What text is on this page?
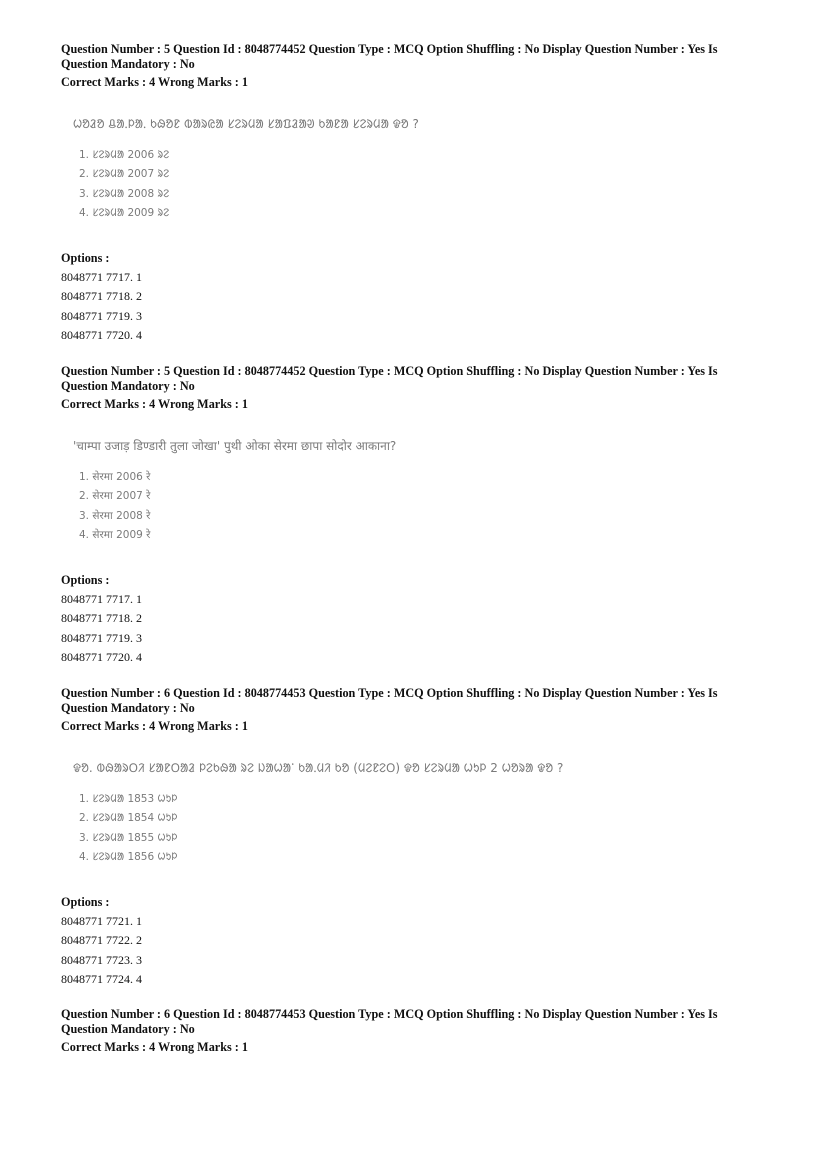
Question Number : 5 Question Id : 8048774452 Question Type : MCQ Option Shuffling : No Display Question Number : Yes Is Question Mandatory : No
Correct Marks : 4 Wrong Marks : 1
ᱦᱚᱲᱚ ᱪᱟᱹᱞᱟᱹ ᱠᱷᱚᱱ ᱵᱟᱨᱭᱟ ᱥᱮᱨᱢᱟ ᱥᱟᱯᱲᱟᱣ ᱠᱟᱱᱟ ᱥᱮᱨᱢᱟ ᱫᱚ ?
1. ᱥᱮᱨᱢᱟ 2006 ᱨᱮ
2. ᱥᱮᱨᱢᱟ 2007 ᱨᱮ
3. ᱥᱮᱨᱢᱟ 2008 ᱨᱮ
4. ᱥᱮᱨᱢᱟ 2009 ᱨᱮ
Options :
8048771 7717. 1
8048771 7718. 2
8048771 7719. 3
8048771 7720. 4
Question Number : 5 Question Id : 8048774452 Question Type : MCQ Option Shuffling : No Display Question Number : Yes Is Question Mandatory : No
Correct Marks : 4 Wrong Marks : 1
'चाम्पा उजाड़ डिण्डारी तुला जोखा' पुथी ओका सेरमा छापा सोदोर आकाना?
1. सेरमा 2006 रे
2. सेरमा 2007 रे
3. सेरमा 2008 रे
4. सेरमा 2009 रे
Options :
8048771 7717. 1
8048771 7718. 2
8048771 7719. 3
8048771 7720. 4
Question Number : 6 Question Id : 8048774453 Question Type : MCQ Option Shuffling : No Display Question Number : Yes Is Question Mandatory : No
Correct Marks : 4 Wrong Marks : 1
ᱫᱚ. ᱵᱷᱟᱨᱛᱤ ᱥᱟᱱᱛᱟᱲ ᱞᱮᱠᱷᱟ ᱨᱮ ᱡᱟᱦᱟᱸ ᱠᱟᱹᱢᱤ ᱠᱚ (ᱢᱮᱱᱮᱛ) ᱫᱚ ᱥᱮᱨᱢᱟ ᱦᱩᱞ 2 ᱦᱚᱨᱟ ᱫᱚ ?
1. ᱥᱮᱨᱢᱟ 1853 ᱦᱩᱞ
2. ᱥᱮᱨᱢᱟ 1854 ᱦᱩᱞ
3. ᱥᱮᱨᱢᱟ 1855 ᱦᱩᱞ
4. ᱥᱮᱨᱢᱟ 1856 ᱦᱩᱞ
Options :
8048771 7721. 1
8048771 7722. 2
8048771 7723. 3
8048771 7724. 4
Question Number : 6 Question Id : 8048774453 Question Type : MCQ Option Shuffling : No Display Question Number : Yes Is Question Mandatory : No
Correct Marks : 4 Wrong Marks : 1
